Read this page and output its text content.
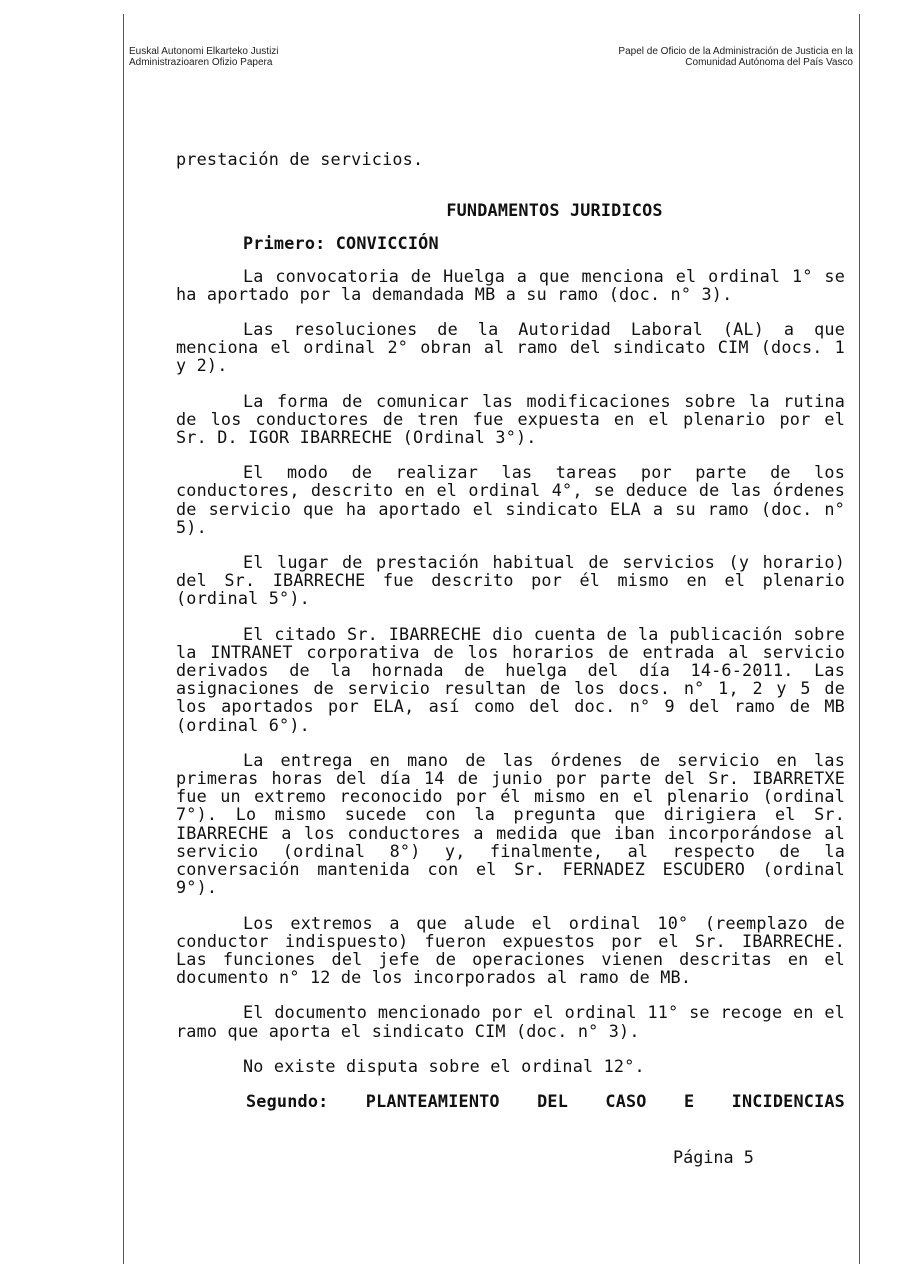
Euskal Autonomi Elkarteko Justizi
Administrazioaren Ofizio Papera
Papel de Oficio de la Administración de Justicia en la
Comunidad Autónoma del País Vasco

prestación de servicios.

FUNDAMENTOS JURIDICOS
Primero: CONVICCIÓN

La convocatoria de Huelga a que menciona el ordinal 1° se ha aportado por la demandada MB a su ramo (doc. n° 3).

Las resoluciones de la Autoridad Laboral (AL) a que menciona el ordinal 2° obran al ramo del sindicato CIM (docs. 1 y 2).

La forma de comunicar las modificaciones sobre la rutina de los conductores de tren fue expuesta en el plenario por el Sr. D. IGOR IBARRECHE (Ordinal 3°).

El modo de realizar las tareas por parte de los conductores, descrito en el ordinal 4°, se deduce de las órdenes de servicio que ha aportado el sindicato ELA a su ramo (doc. n° 5).

El lugar de prestación habitual de servicios (y horario) del Sr. IBARRECHE fue descrito por él mismo en el plenario (ordinal 5°).

El citado Sr. IBARRECHE dio cuenta de la publicación sobre la INTRANET corporativa de los horarios de entrada al servicio derivados de la hornada de huelga del día 14-6-2011. Las asignaciones de servicio resultan de los docs. n° 1, 2 y 5 de los aportados por ELA, así como del doc. n° 9 del ramo de MB (ordinal 6°).

La entrega en mano de las órdenes de servicio en las primeras horas del día 14 de junio por parte del Sr. IBARRETXE fue un extremo reconocido por él mismo en el plenario (ordinal 7°). Lo mismo sucede con la pregunta que dirigiera el Sr. IBARRECHE a los conductores a medida que iban incorporándose al servicio (ordinal 8°) y, finalmente, al respecto de la conversación mantenida con el Sr. FERNADEZ ESCUDERO (ordinal 9°).

Los extremos a que alude el ordinal 10° (reemplazo de conductor indispuesto) fueron expuestos por el Sr. IBARRECHE. Las funciones del jefe de operaciones vienen descritas en el documento n° 12 de los incorporados al ramo de MB.

El documento mencionado por el ordinal 11° se recoge en el ramo que aporta el sindicato CIM (doc. n° 3).

No existe disputa sobre el ordinal 12°.

Segundo: PLANTEAMIENTO DEL CASO E INCIDENCIAS
Página 5
